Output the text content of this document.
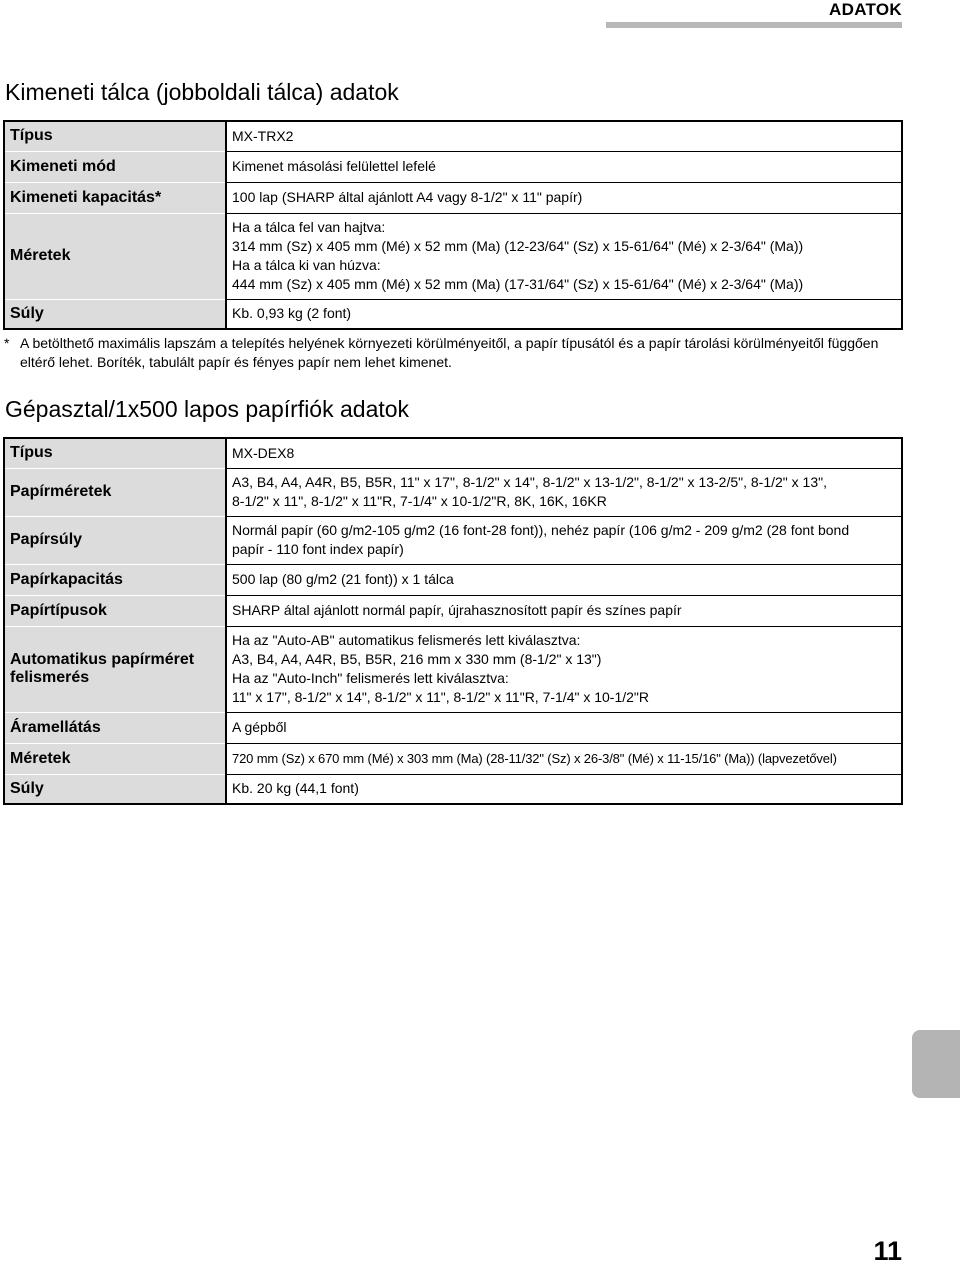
ADATOK
Kimeneti tálca (jobboldali tálca) adatok
Típus	MX-TRX2

Kimeneti mód	Kimenet másolási felülettel lefelé

Kimeneti kapacitás*	100 lap (SHARP által ajánlott A4 vagy 8-1/2" x 11" papír)

Méretek	Ha a tálca fel van hajtva:
314 mm (Sz) x 405 mm (Mé) x 52 mm (Ma) (12-23/64" (Sz) x 15-61/64" (Mé) x 2-3/64" (Ma))
Ha a tálca ki van húzva:
444 mm (Sz) x 405 mm (Mé) x 52 mm (Ma) (17-31/64" (Sz) x 15-61/64" (Mé) x 2-3/64" (Ma))

Súly	Kb. 0,93 kg (2 font)
* A betölthető maximális lapszám a telepítés helyének környezeti körülményeitől, a papír típusától és a papír tárolási körülményeitől függően eltérő lehet. Boríték, tabulált papír és fényes papír nem lehet kimenet.
Gépasztal/1x500 lapos papírfiók adatok
Típus	MX-DEX8

Papírméretek	A3, B4, A4, A4R, B5, B5R, 11" x 17", 8-1/2" x 14", 8-1/2" x 13-1/2", 8-1/2" x 13-2/5", 8-1/2" x 13",
8-1/2" x 11", 8-1/2" x 11"R, 7-1/4" x 10-1/2"R, 8K, 16K, 16KR

Papírsúly	Normál papír (60 g/m2-105 g/m2 (16 font-28 font)), nehéz papír (106 g/m2 - 209 g/m2 (28 font bond
papír - 110 font index papír)

Papírkapacitás	500 lap (80 g/m2 (21 font)) x 1 tálca

Papírtípusok	SHARP által ajánlott normál papír, újrahasznosított papír és színes papír

Automatikus papírméret felismerés	Ha az "Auto-AB" automatikus felismerés lett kiválasztva:
A3, B4, A4, A4R, B5, B5R, 216 mm x 330 mm (8-1/2" x 13")
Ha az "Auto-Inch" felismerés lett kiválasztva:
11" x 17", 8-1/2" x 14", 8-1/2" x 11", 8-1/2" x 11"R, 7-1/4" x 10-1/2"R

Áramellátás	A gépből

Méretek	720 mm (Sz) x 670 mm (Mé) x 303 mm (Ma) (28-11/32" (Sz) x 26-3/8" (Mé) x 11-15/16" (Ma)) (lapvezetővel)

Súly	Kb. 20 kg (44,1 font)
11
